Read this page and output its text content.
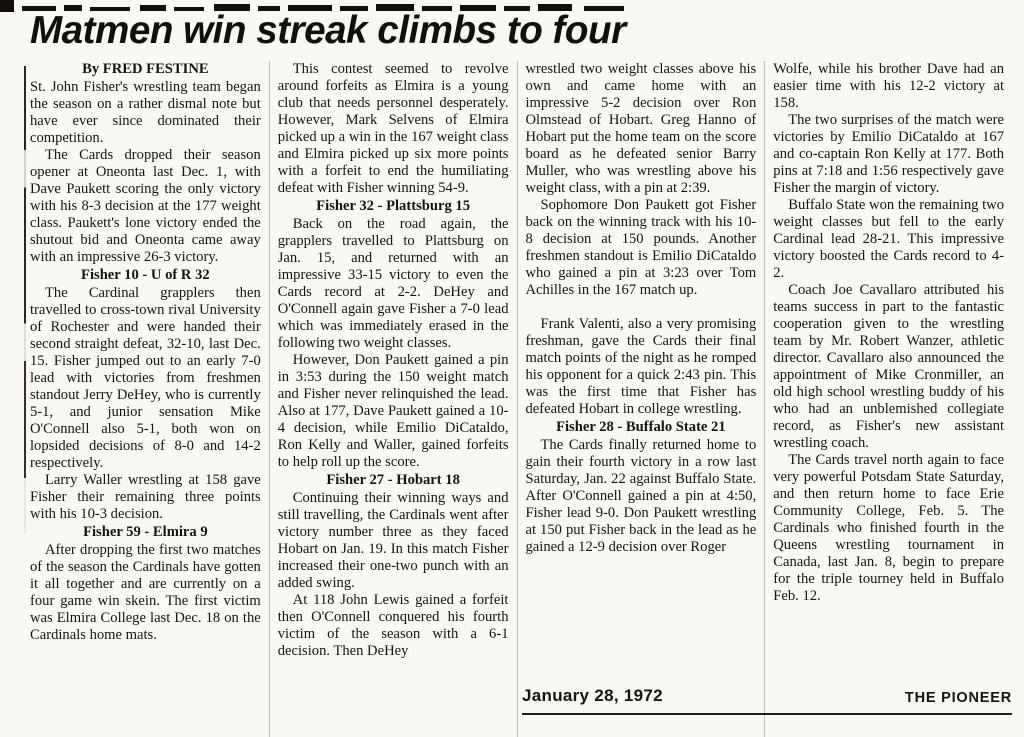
Matmen win streak climbs to four
By FRED FESTINE

St. John Fisher's wrestling team began the season on a rather dismal note but have ever since dominated their competition.

The Cards dropped their season opener at Oneonta last Dec. 1, with Dave Paukett scoring the only victory with his 8-3 decision at the 177 weight class. Paukett's lone victory ended the shutout bid and Oneonta came away with an impressive 26-3 victory.

Fisher 10 - U of R 32

The Cardinal grapplers then travelled to cross-town rival University of Rochester and were handed their second straight defeat, 32-10, last Dec. 15. Fisher jumped out to an early 7-0 lead with victories from freshmen standout Jerry DeHey, who is currently 5-1, and junior sensation Mike O'Connell also 5-1, both won on lopsided decisions of 8-0 and 14-2 respectively.

Larry Waller wrestling at 158 gave Fisher their remaining three points with his 10-3 decision.

Fisher 59 - Elmira 9

After dropping the first two matches of the season the Cardinals have gotten it all together and are currently on a four game win skein. The first victim was Elmira College last Dec. 18 on the Cardinals home mats.

This contest seemed to revolve around forfeits as Elmira is a young club that needs personnel desperately. However, Mark Selvens of Elmira picked up a win in the 167 weight class and Elmira picked up six more points with a forfeit to end the humiliating defeat with Fisher winning 54-9.

Fisher 32 - Plattsburg 15

Back on the road again, the grapplers travelled to Plattsburg on Jan. 15, and returned with an impressive 33-15 victory to even the Cards record at 2-2. DeHey and O'Connell again gave Fisher a 7-0 lead which was immediately erased in the following two weight classes.

However, Don Paukett gained a pin in 3:53 during the 150 weight match and Fisher never relinquished the lead. Also at 177, Dave Paukett gained a 10-4 decision, while Emilio DiCataldo, Ron Kelly and Waller, gained forfeits to help roll up the score.

Fisher 27 - Hobart 18

Continuing their winning ways and still travelling, the Cardinals went after victory number three as they faced Hobart on Jan. 19. In this match Fisher increased their one-two punch with an added swing.

At 118 John Lewis gained a forfeit then O'Connell conquered his fourth victim of the season with a 6-1 decision. Then DeHey

wrestled two weight classes above his own and came home with an impressive 5-2 decision over Ron Olmstead of Hobart. Greg Hanno of Hobart put the home team on the score board as he defeated senior Barry Muller, who was wrestling above his weight class, with a pin at 2:39.

Sophomore Don Paukett got Fisher back on the winning track with his 10-8 decision at 150 pounds. Another freshmen standout is Emilio DiCataldo who gained a pin at 3:23 over Tom Achilles in the 167 match up.

Frank Valenti, also a very promising freshman, gave the Cards their final match points of the night as he romped his opponent for a quick 2:43 pin. This was the first time that Fisher has defeated Hobart in college wrestling.

Fisher 28 - Buffalo State 21

The Cards finally returned home to gain their fourth victory in a row last Saturday, Jan. 22 against Buffalo State. After O'Connell gained a pin at 4:50, Fisher lead 9-0. Don Paukett wrestling at 150 put Fisher back in the lead as he gained a 12-9 decision over Roger

Wolfe, while his brother Dave had an easier time with his 12-2 victory at 158.

The two surprises of the match were victories by Emilio DiCataldo at 167 and co-captain Ron Kelly at 177. Both pins at 7:18 and 1:56 respectively gave Fisher the margin of victory.

Buffalo State won the remaining two weight classes but fell to the early Cardinal lead 28-21. This impressive victory boosted the Cards record to 4-2.

Coach Joe Cavallaro attributed his teams success in part to the fantastic cooperation given to the wrestling team by Mr. Robert Wanzer, athletic director. Cavallaro also announced the appointment of Mike Cronmiller, an old high school wrestling buddy of his who had an unblemished collegiate record, as Fisher's new assistant wrestling coach.

The Cards travel north again to face very powerful Potsdam State Saturday, and then return home to face Erie Community College, Feb. 5. The Cardinals who finished fourth in the Queens wrestling tournament in Canada, last Jan. 8, begin to prepare for the triple tourney held in Buffalo Feb. 12.

January 28, 1972	THE PIONEER
